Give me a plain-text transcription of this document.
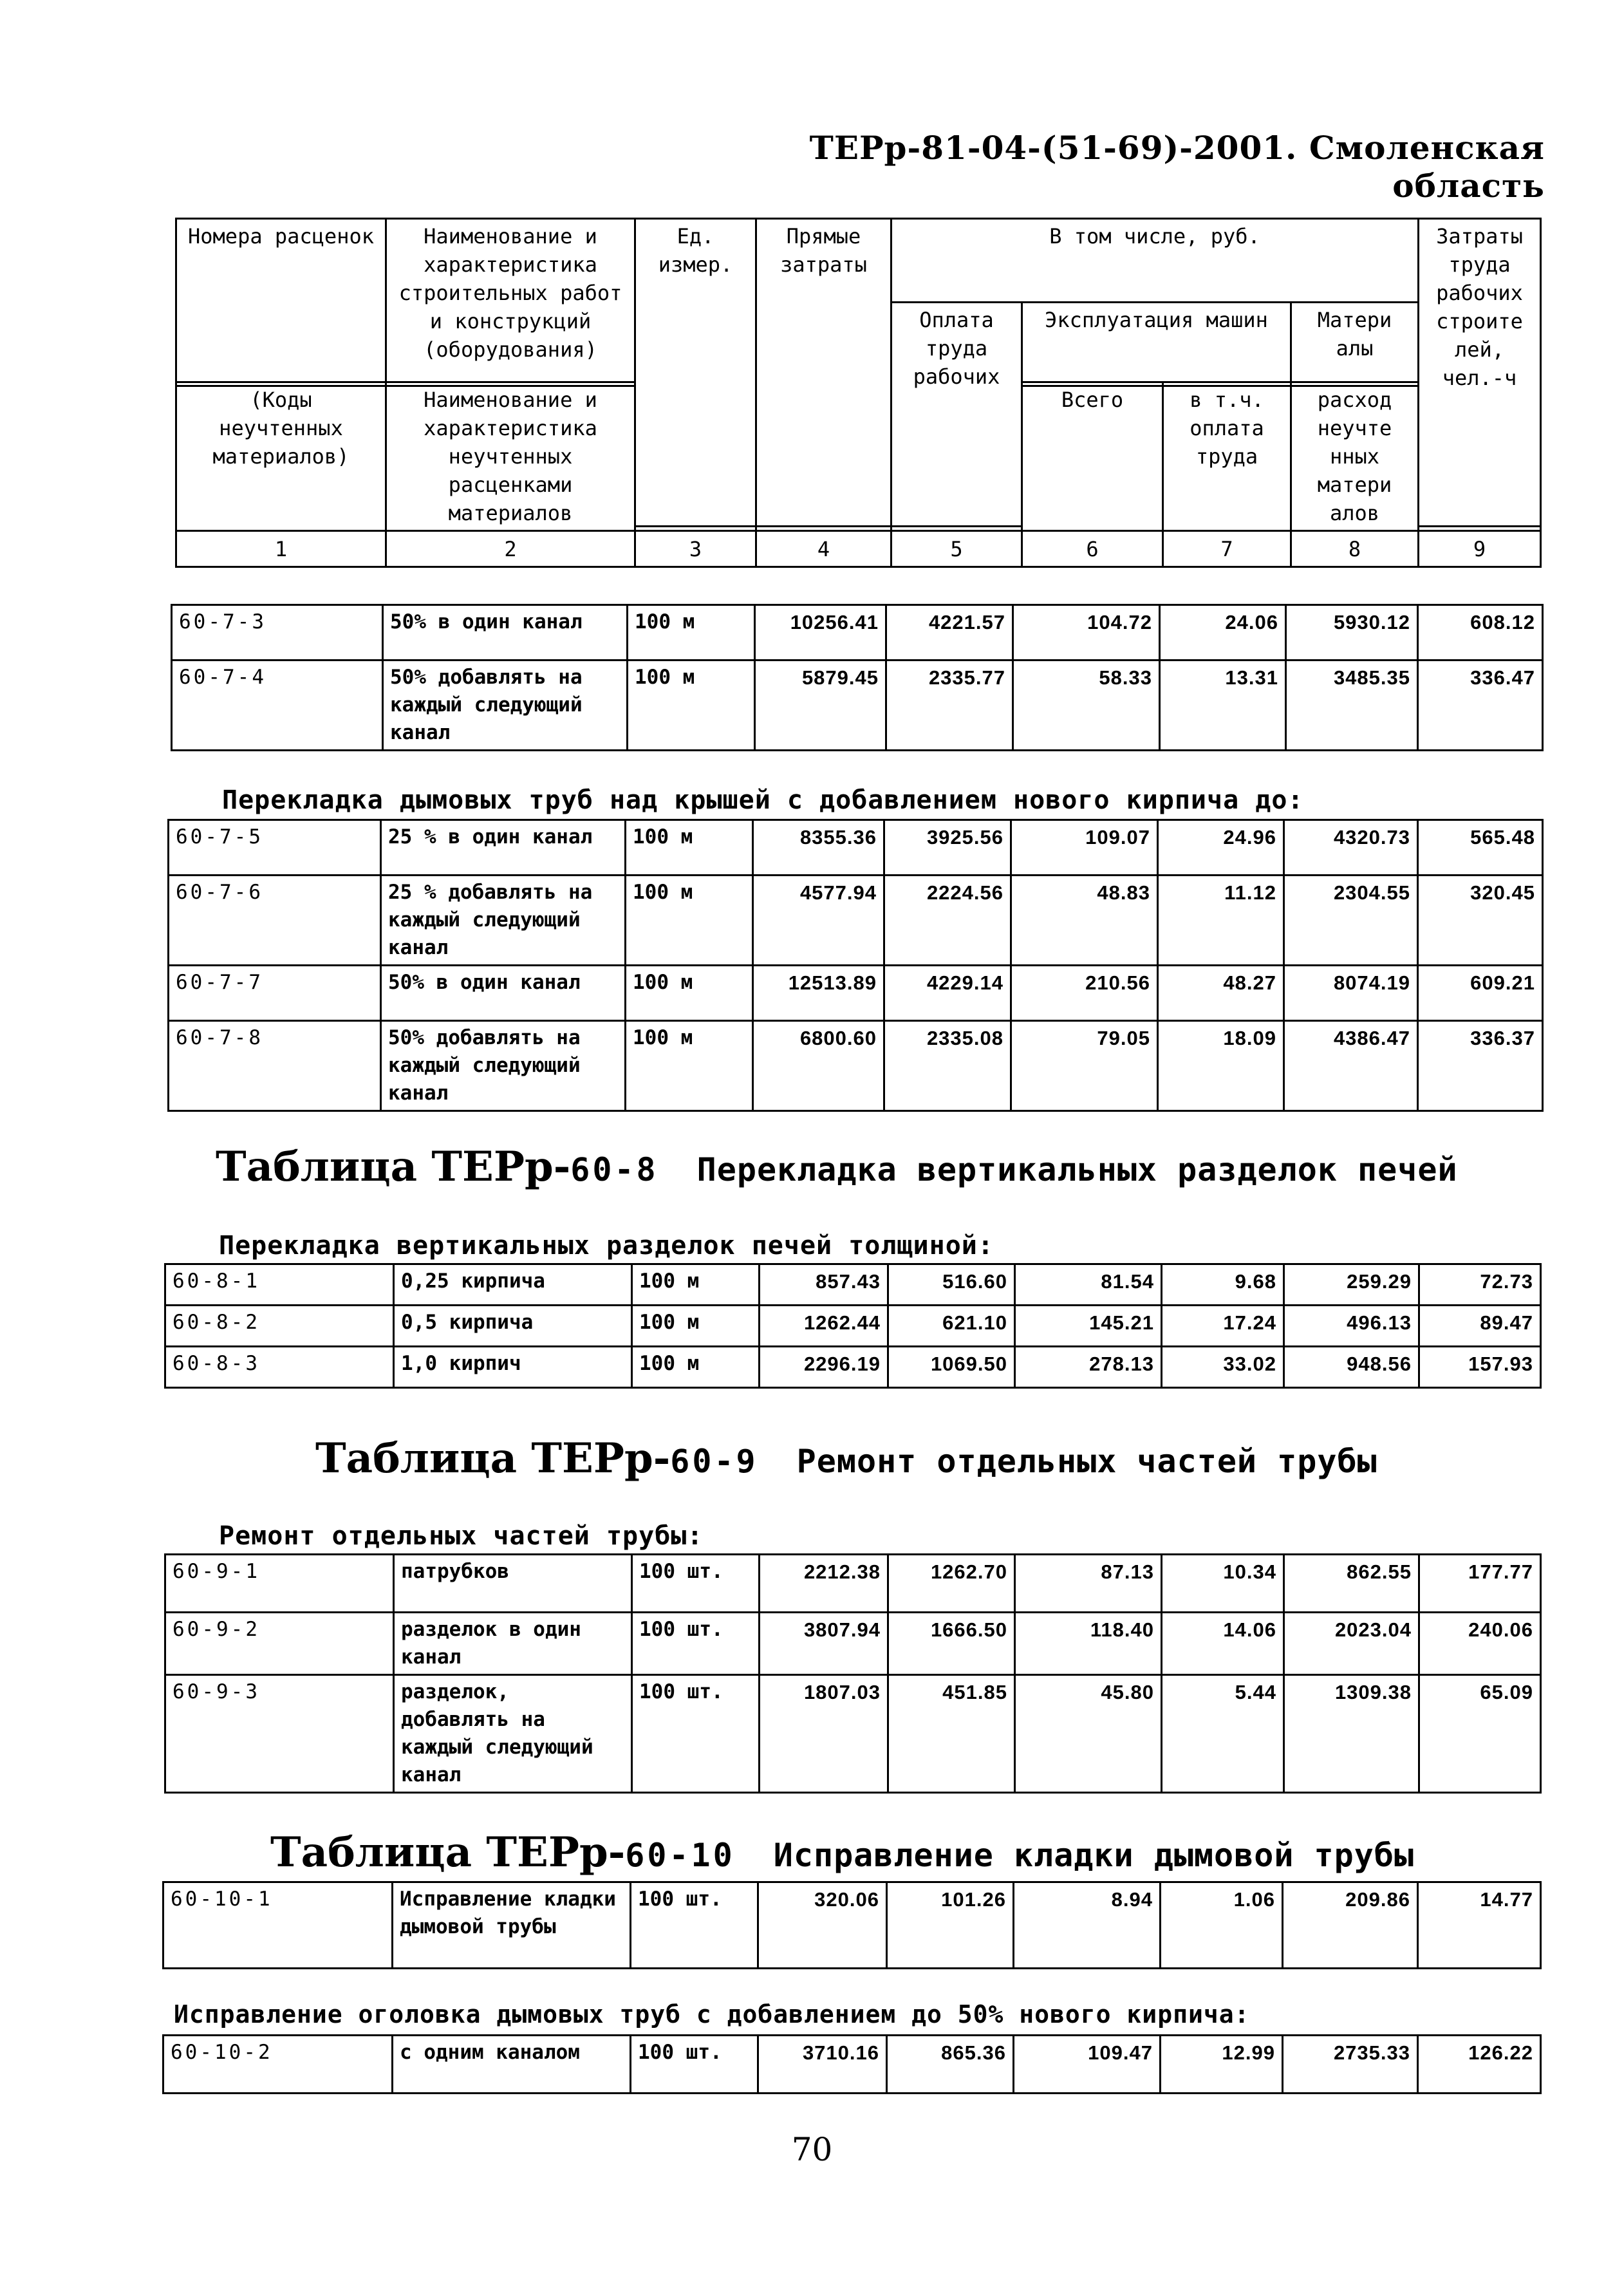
ТЕРр-81-04-(51-69)-2001. Смоленская область
Номера расценок	Наименование и характеристика строительных работ и конструкций (оборудования)	Ед. измер.	Прямые затраты	В том числе, руб.			Затраты труда рабочих строите лей, чел.-ч
				Оплата труда рабочих	Эксплуатация машин	Матери алы	

(Коды неучтенных материалов)	Наименование и характеристика неучтенных расценками материалов				Всего	в т.ч. оплата труда	расход неучте нных матери алов	
1	2	3	4	5	6	7	8	9
60-7-3	50% в один канал	100 м	10256.41	4221.57	104.72	24.06	5930.12	608.12
60-7-4	50% добавлять на каждый следующий канал	100 м	5879.45	2335.77	58.33	13.31	3485.35	336.47
Перекладка дымовых труб над крышей с добавлением нового кирпича до:
60-7-5	25 % в один канал	100 м	8355.36	3925.56	109.07	24.96	4320.73	565.48
60-7-6	25 % добавлять на каждый следующий канал	100 м	4577.94	2224.56	48.83	11.12	2304.55	320.45
60-7-7	50% в один канал	100 м	12513.89	4229.14	210.56	48.27	8074.19	609.21
60-7-8	50% добавлять на каждый следующий канал	100 м	6800.60	2335.08	79.05	18.09	4386.47	336.37
Таблица ТЕРр-60-8 Перекладка вертикальных разделок печей
Перекладка вертикальных разделок печей толщиной:
60-8-1	0,25 кирпича	100 м	857.43	516.60	81.54	9.68	259.29	72.73
60-8-2	0,5 кирпича	100 м	1262.44	621.10	145.21	17.24	496.13	89.47
60-8-3	1,0 кирпич	100 м	2296.19	1069.50	278.13	33.02	948.56	157.93
Таблица ТЕРр-60-9 Ремонт отдельных частей трубы
Ремонт отдельных частей трубы:
60-9-1	патрубков	100 шт.	2212.38	1262.70	87.13	10.34	862.55	177.77
60-9-2	разделок в один канал	100 шт.	3807.94	1666.50	118.40	14.06	2023.04	240.06
60-9-3	разделок, добавлять на каждый следующий канал	100 шт.	1807.03	451.85	45.80	5.44	1309.38	65.09
Таблица ТЕРр-60-10 Исправление кладки дымовой трубы
60-10-1	Исправление кладки дымовой трубы	100 шт.	320.06	101.26	8.94	1.06	209.86	14.77
Исправление оголовка дымовых труб с добавлением до 50% нового кирпича:
60-10-2	с одним каналом	100 шт.	3710.16	865.36	109.47	12.99	2735.33	126.22
70
